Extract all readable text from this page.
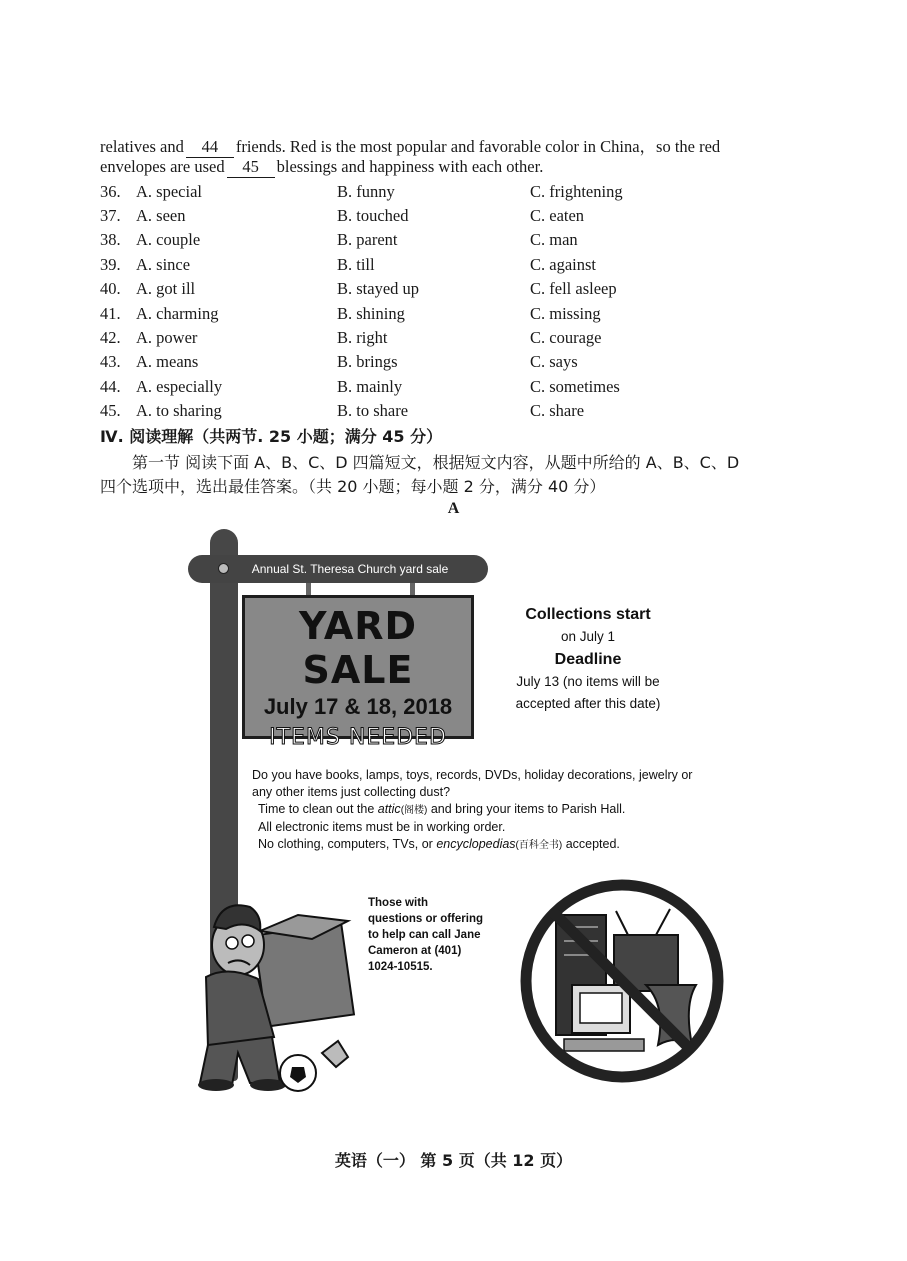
relatives and 44 friends. Red is the most popular and favorable color in China，so the red
envelopes are used 45 blessings and happiness with each other.
36. A. special	B. funny	C. frightening
37. A. seen	B. touched	C. eaten
38. A. couple	B. parent	C. man
39. A. since	B. till	C. against
40. A. got ill	B. stayed up	C. fell asleep
41. A. charming	B. shining	C. missing
42. A. power	B. right	C. courage
43. A. means	B. brings	C. says
44. A. especially	B. mainly	C. sometimes
45. A. to sharing	B. to share	C. share
Ⅳ. 阅读理解（共两节. 25 小题；满分 45 分）
第一节 阅读下面 A、B、C、D 四篇短文，根据短文内容，从题中所给的 A、B、C、D
四个选项中，选出最佳答案。（共 20 小题；每小题 2 分，满分 40 分）
A
Annual St. Theresa Church yard sale
YARD SALE
July 17 & 18, 2018
ITEMS NEEDED
Collections start
on July 1
Deadline
July 13 (no items will be
accepted after this date)
Do you have books, lamps, toys, records, DVDs, holiday decorations, jewelry or
any other items just collecting dust?
Time to clean out the attic(阁楼) and bring your items to Parish Hall.
All electronic items must be in working order.
No clothing, computers, TVs, or encyclopedias(百科全书) accepted.
Those with
questions or offering
to help can call Jane
Cameron at (401)
1024-10515.
英语（一） 第 5 页（共 12 页）
